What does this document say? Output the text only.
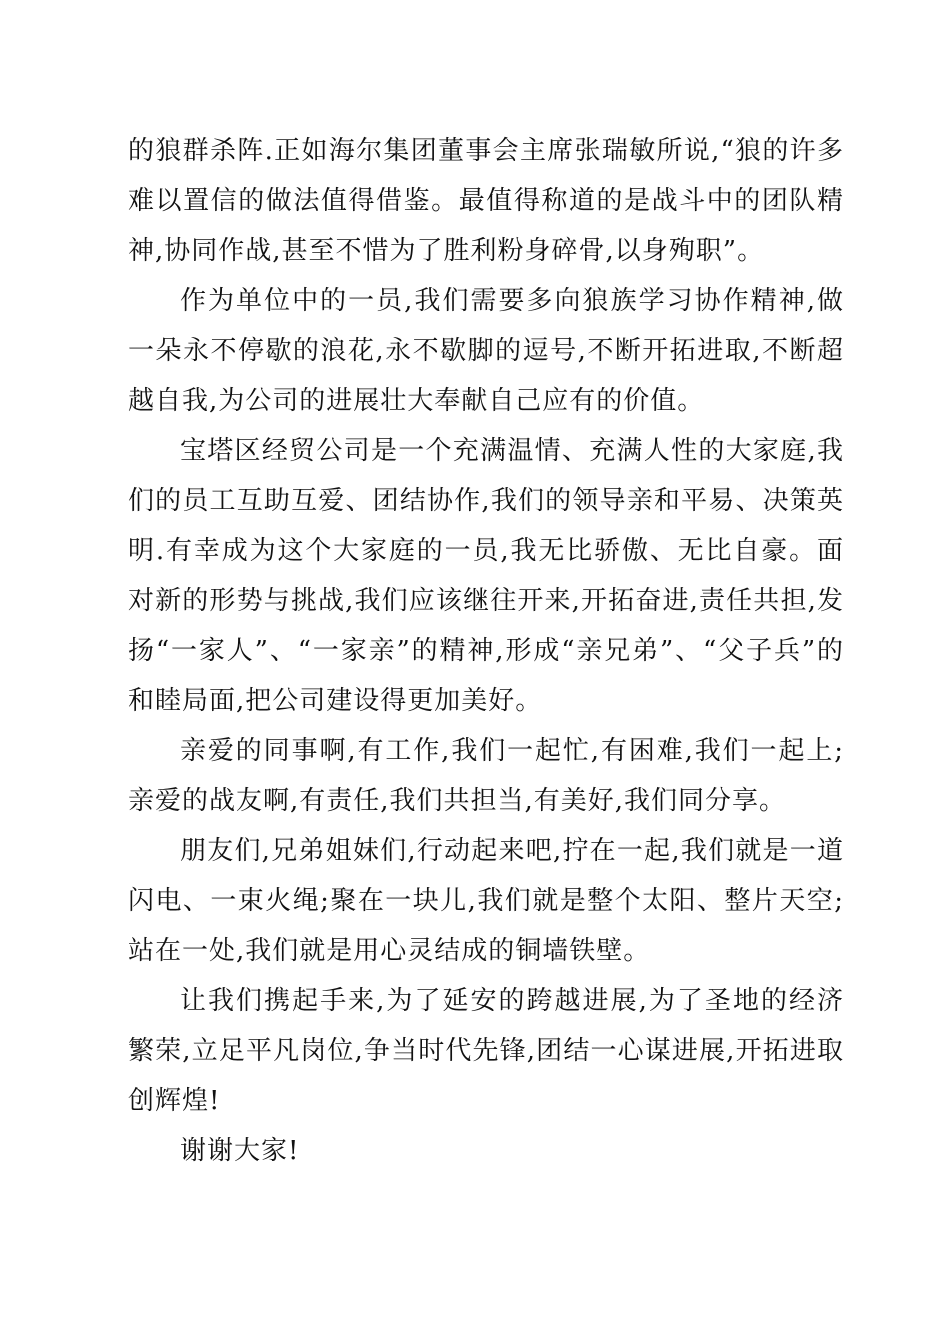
的狼群杀阵.正如海尔集团董事会主席张瑞敏所说,“狼的许多难以置信的做法值得借鉴。最值得称道的是战斗中的团队精神,协同作战,甚至不惜为了胜利粉身碎骨,以身殉职”。

作为单位中的一员,我们需要多向狼族学习协作精神,做一朵永不停歇的浪花,永不歇脚的逗号,不断开拓进取,不断超越自我,为公司的进展壮大奉献自己应有的价值。

宝塔区经贸公司是一个充满温情、充满人性的大家庭,我们的员工互助互爱、团结协作,我们的领导亲和平易、决策英明.有幸成为这个大家庭的一员,我无比骄傲、无比自豪。面对新的形势与挑战,我们应该继往开来,开拓奋进,责任共担,发扬“一家人”、“一家亲”的精神,形成“亲兄弟”、“父子兵”的和睦局面,把公司建设得更加美好。

亲爱的同事啊,有工作,我们一起忙,有困难,我们一起上;亲爱的战友啊,有责任,我们共担当,有美好,我们同分享。

朋友们,兄弟姐妹们,行动起来吧,拧在一起,我们就是一道闪电、一束火绳;聚在一块儿,我们就是整个太阳、整片天空;站在一处,我们就是用心灵结成的铜墙铁壁。

让我们携起手来,为了延安的跨越进展,为了圣地的经济繁荣,立足平凡岗位,争当时代先锋,团结一心谋进展,开拓进取创辉煌!

谢谢大家!
